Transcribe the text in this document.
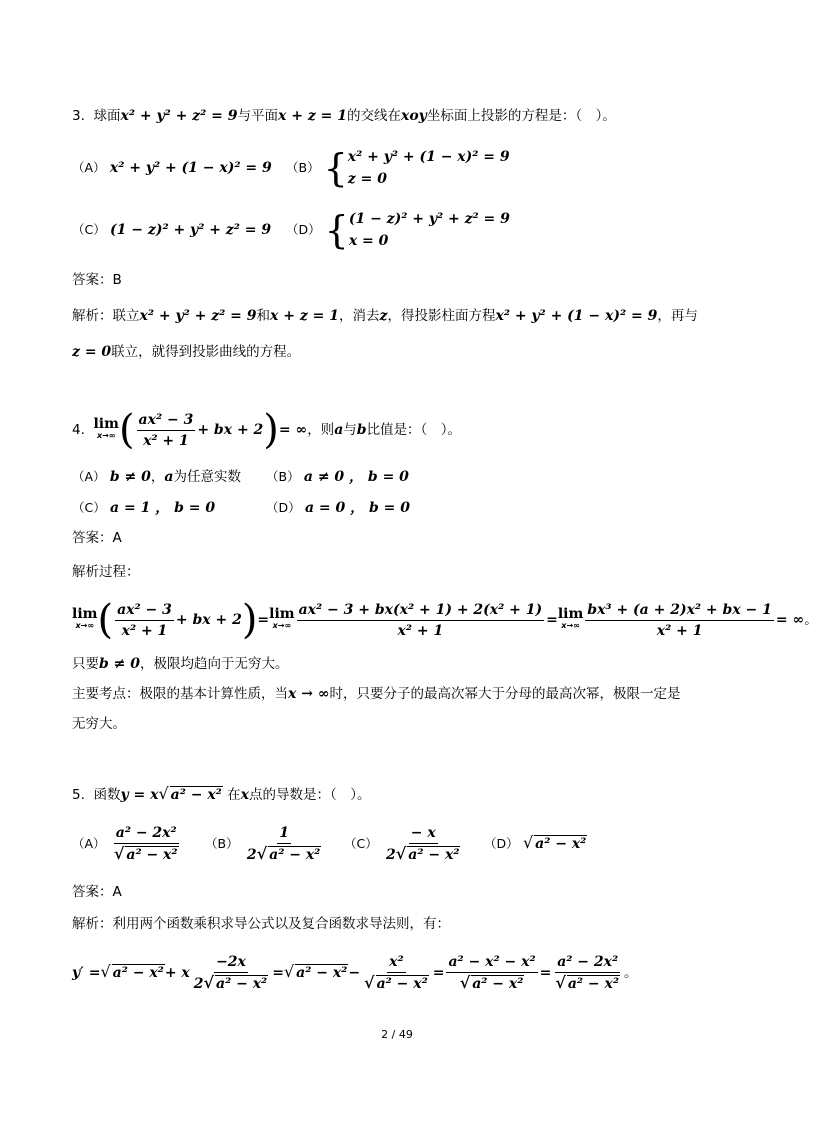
3. 球面x² + y² + z² = 9与平面x + z = 1的交线在xoy坐标面上投影的方程是：（　）。
（A） x² + y² + (1 − x)² = 9 （B） { x² + y² + (1 − x)² = 9
z = 0
（C） (1 − z)² + y² + z² = 9 （D） { (1 − z)² + y² + z² = 9
x = 0
答案：B
解析：联立x² + y² + z² = 9和x + z = 1，消去z，得投影柱面方程x² + y² + (1 − x)² = 9，再与
z = 0联立，就得到投影曲线的方程。
4. lim
x→∞ ( $\frac{\text{ax² − 3}}{\text{x² + 1}}$ + bx + 2)= ∞，则a与b比值是：（　）。
（A） b ≠ 0，a为任意实数 （B） a ≠ 0 ， b = 0
（C） a = 1 ， b = 0	（D） a = 0 ， b = 0
答案：A
解析过程：
lim
x→∞ ( $\frac{\text{ax² − 3}}{\text{x² + 1}}$ + bx + 2)= lim
$x\to\infty \frac{\text{ax² − 3 + bx(x² + 1) + 2(x² + 1)}}{\text{x² + 1}} = \lim$
$x\to\infty \frac{\text{bx³ + (a + 2)x² + bx − 1}}{\text{x² + 1}}$ = ∞。
只要b ≠ 0，极限均趋向于无穷大。
主要考点：极限的基本计算性质，当x → ∞时，只要分子的最高次幂大于分母的最高次幂，极限一定是
无穷大。
5. 函数y = x√ a² − x² 在x点的导数是：（　）。
$(A) \frac{\text{a² − 2x²}}{\text{√ a² − x²}} (B) \frac{1}{\text{2√ a² − x²}} (C) \frac{- x}{\text{2√ a² − x²}} (D)$ √ a² − x²
答案：A
解析：利用两个函数乘积求导公式以及复合函数求导法则，有：
y′ =√ a² − x²+ x $\frac{-2x}{\text{2√ a² − x²}}$ =√ $a^2 - x^2- \frac{\text{x²}}{\text{√ a² − x²}} = \frac{\text{a² − x² − x²}}{\text{√ a² − x²}} = \frac{\text{a² − 2x²}}{\text{√ a² − x²}}$ 。
2 / 49
